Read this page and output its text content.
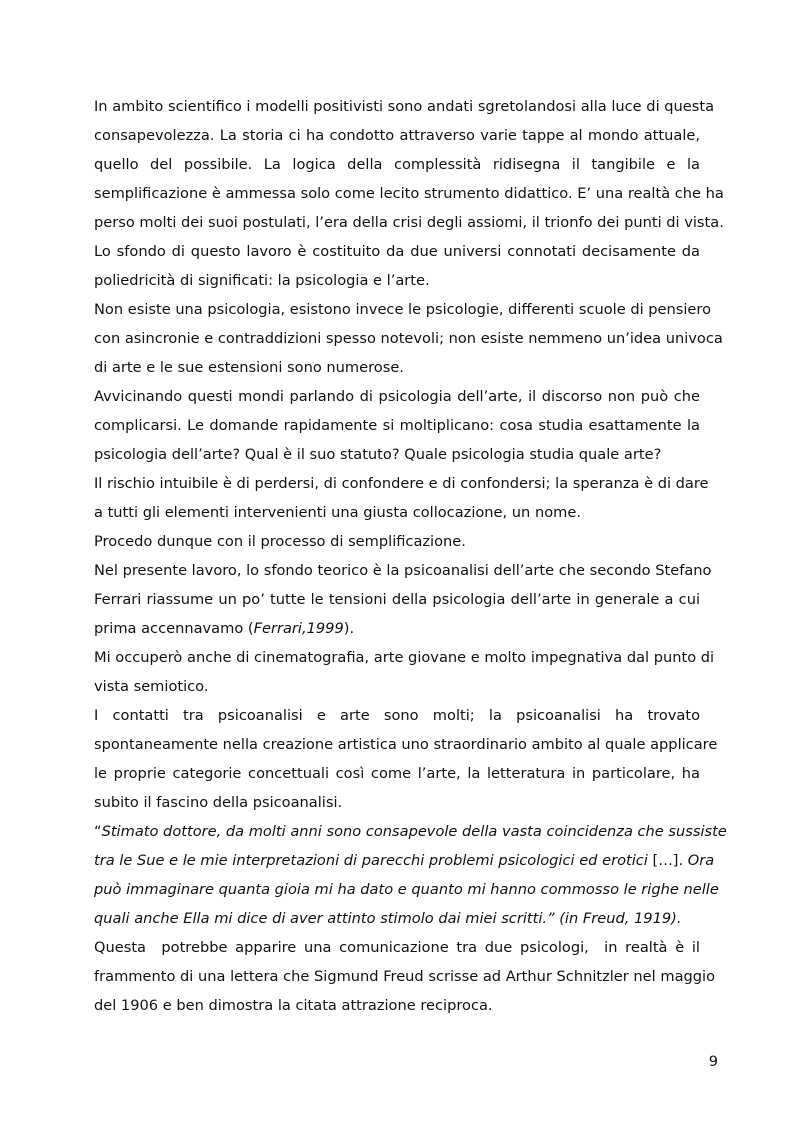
In ambito scientifico i modelli positivisti sono andati sgretolandosi alla luce di questa
consapevolezza. La storia ci ha condotto attraverso varie tappe al mondo attuale,
quello del possibile. La logica della complessità ridisegna il tangibile e la
semplificazione è ammessa solo come lecito strumento didattico. E’ una realtà che ha
perso molti dei suoi postulati, l’era della crisi degli assiomi, il trionfo dei punti di vista.
Lo sfondo di questo lavoro è costituito da due universi connotati decisamente da
poliedricità di significati: la psicologia e l’arte.
Non esiste una psicologia, esistono invece le psicologie, differenti scuole di pensiero
con asincronie e contraddizioni spesso notevoli; non esiste nemmeno un’idea univoca
di arte e le sue estensioni sono numerose.
Avvicinando questi mondi parlando di psicologia dell’arte, il discorso non può che
complicarsi. Le domande rapidamente si moltiplicano: cosa studia esattamente la
psicologia dell’arte? Qual è il suo statuto? Quale psicologia studia quale arte?
Il rischio intuibile è di perdersi, di confondere e di confondersi; la speranza è di dare
a tutti gli elementi intervenienti una giusta collocazione, un nome.
Procedo dunque con il processo di semplificazione.
Nel presente lavoro, lo sfondo teorico è la psicoanalisi dell’arte che secondo Stefano
Ferrari riassume un po’ tutte le tensioni della psicologia dell’arte in generale a cui
prima accennavamo (Ferrari,1999).
Mi occuperò anche di cinematografia, arte giovane e molto impegnativa dal punto di
vista semiotico.
I contatti tra psicoanalisi e arte sono molti; la psicoanalisi ha trovato
spontaneamente nella creazione artistica uno straordinario ambito al quale applicare
le proprie categorie concettuali così come l’arte, la letteratura in particolare, ha
subito il fascino della psicoanalisi.
“Stimato dottore, da molti anni sono consapevole della vasta coincidenza che sussiste
tra le Sue e le mie interpretazioni di parecchi problemi psicologici ed erotici […]. Ora
può immaginare quanta gioia mi ha dato e quanto mi hanno commosso le righe nelle
quali anche Ella mi dice di aver attinto stimolo dai miei scritti.” (in Freud, 1919).
Questa  potrebbe apparire una comunicazione tra due psicologi,  in realtà è il
frammento di una lettera che Sigmund Freud scrisse ad Arthur Schnitzler nel maggio
del 1906 e ben dimostra la citata attrazione reciproca.
9
